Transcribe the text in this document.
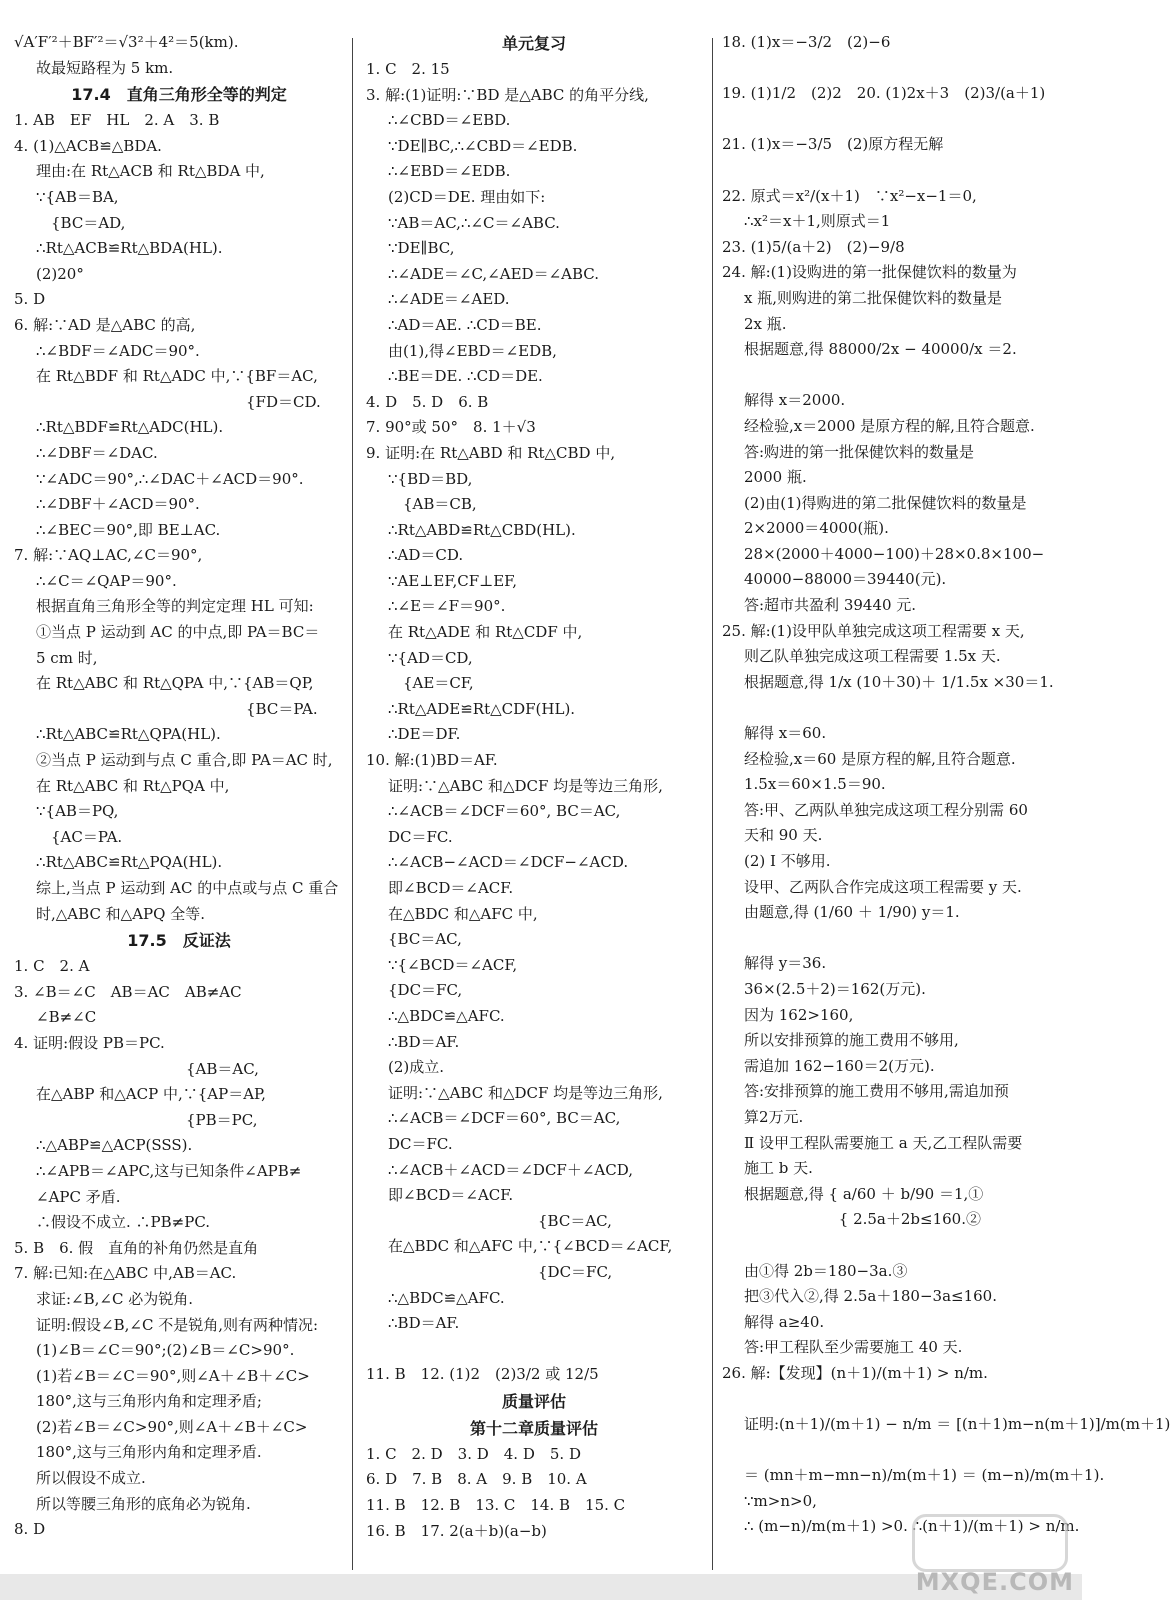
√A′F′²＋BF′²＝√3²＋4²＝5(km).
故最短路程为 5 km.
17.4　直角三角形全等的判定
1. AB　EF　HL　2. A　3. B
4. (1)△ACB≌△BDA.
理由:在 Rt△ACB 和 Rt△BDA 中,
∵{AB＝BA,
　{BC＝AD,
∴Rt△ACB≌Rt△BDA(HL).
(2)20°
5. D
6. 解:∵AD 是△ABC 的高,
∴∠BDF＝∠ADC＝90°.
在 Rt△BDF 和 Rt△ADC 中,∵{BF＝AC,
　　　　　　　　　　　　　　{FD＝CD.
∴Rt△BDF≌Rt△ADC(HL).
∴∠DBF＝∠DAC.
∵∠ADC＝90°,∴∠DAC＋∠ACD＝90°.
∴∠DBF＋∠ACD＝90°.
∴∠BEC＝90°,即 BE⊥AC.
7. 解:∵AQ⊥AC,∠C＝90°,
∴∠C＝∠QAP＝90°.
根据直角三角形全等的判定定理 HL 可知:
①当点 P 运动到 AC 的中点,即 PA＝BC＝
5 cm 时,
在 Rt△ABC 和 Rt△QPA 中,∵{AB＝QP,
　　　　　　　　　　　　　　{BC＝PA.
∴Rt△ABC≌Rt△QPA(HL).
②当点 P 运动到与点 C 重合,即 PA＝AC 时,
在 Rt△ABC 和 Rt△PQA 中,
∵{AB＝PQ,
　{AC＝PA.
∴Rt△ABC≌Rt△PQA(HL).
综上,当点 P 运动到 AC 的中点或与点 C 重合
时,△ABC 和△APQ 全等.
17.5　反证法
1. C　2. A
3. ∠B＝∠C　AB＝AC　AB≠AC
∠B≠∠C
4. 证明:假设 PB＝PC.
　　　　　　　　　　{AB＝AC,
在△ABP 和△ACP 中,∵{AP＝AP,
　　　　　　　　　　{PB＝PC,
∴△ABP≌△ACP(SSS).
∴∠APB＝∠APC,这与已知条件∠APB≠
∠APC 矛盾.
∴假设不成立. ∴PB≠PC.
5. B　6. 假　直角的补角仍然是直角
7. 解:已知:在△ABC 中,AB＝AC.
求证:∠B,∠C 必为锐角.
证明:假设∠B,∠C 不是锐角,则有两种情况:
(1)∠B＝∠C＝90°;(2)∠B＝∠C>90°.
(1)若∠B＝∠C＝90°,则∠A＋∠B＋∠C>
180°,这与三角形内角和定理矛盾;
(2)若∠B＝∠C>90°,则∠A＋∠B＋∠C>
180°,这与三角形内角和定理矛盾.
所以假设不成立.
所以等腰三角形的底角必为锐角.
8. D
单元复习
1. C　2. 15
3. 解:(1)证明:∵BD 是△ABC 的角平分线,
∴∠CBD＝∠EBD.
∵DE∥BC,∴∠CBD＝∠EDB.
∴∠EBD＝∠EDB.
(2)CD＝DE. 理由如下:
∵AB＝AC,∴∠C＝∠ABC.
∵DE∥BC,
∴∠ADE＝∠C,∠AED＝∠ABC.
∴∠ADE＝∠AED.
∴AD＝AE. ∴CD＝BE.
由(1),得∠EBD＝∠EDB,
∴BE＝DE. ∴CD＝DE.
4. D　5. D　6. B
7. 90°或 50°　8. 1＋√3
9. 证明:在 Rt△ABD 和 Rt△CBD 中,
∵{BD＝BD,
　{AB＝CB,
∴Rt△ABD≌Rt△CBD(HL).
∴AD＝CD.
∵AE⊥EF,CF⊥EF,
∴∠E＝∠F＝90°.
在 Rt△ADE 和 Rt△CDF 中,
∵{AD＝CD,
　{AE＝CF,
∴Rt△ADE≌Rt△CDF(HL).
∴DE＝DF.
10. 解:(1)BD＝AF.
证明:∵△ABC 和△DCF 均是等边三角形,
∴∠ACB＝∠DCF＝60°, BC＝AC,
DC＝FC.
∴∠ACB−∠ACD＝∠DCF−∠ACD.
即∠BCD＝∠ACF.
在△BDC 和△AFC 中,
{BC＝AC,
∵{∠BCD＝∠ACF,
{DC＝FC,
∴△BDC≌△AFC.
∴BD＝AF.
(2)成立.
证明:∵△ABC 和△DCF 均是等边三角形,
∴∠ACB＝∠DCF＝60°, BC＝AC,
DC＝FC.
∴∠ACB＋∠ACD＝∠DCF＋∠ACD,
即∠BCD＝∠ACF.
　　　　　　　　　　{BC＝AC,
在△BDC 和△AFC 中,∵{∠BCD＝∠ACF,
　　　　　　　　　　{DC＝FC,
∴△BDC≌△AFC.
∴BD＝AF.
11. B　12. (1)2　(2)3/2 或 12/5
质量评估
第十二章质量评估
1. C　2. D　3. D　4. D　5. D
6. D　7. B　8. A　9. B　10. A
11. B　12. B　13. C　14. B　15. C
16. B　17. 2(a＋b)(a−b)
18. (1)x＝−3/2　(2)−6
19. (1)1/2　(2)2　20. (1)2x＋3　(2)3/(a＋1)
21. (1)x＝−3/5　(2)原方程无解
22. 原式＝x²/(x＋1)　∵x²−x−1＝0,
∴x²＝x＋1,则原式＝1
23. (1)5/(a＋2)　(2)−9/8
24. 解:(1)设购进的第一批保健饮料的数量为
x 瓶,则购进的第二批保健饮料的数量是
2x 瓶.
根据题意,得 88000/2x − 40000/x ＝2.
解得 x＝2000.
经检验,x＝2000 是原方程的解,且符合题意.
答:购进的第一批保健饮料的数量是
2000 瓶.
(2)由(1)得购进的第二批保健饮料的数量是
2×2000＝4000(瓶).
28×(2000＋4000−100)＋28×0.8×100−
40000−88000＝39440(元).
答:超市共盈利 39440 元.
25. 解:(1)设甲队单独完成这项工程需要 x 天,
则乙队单独完成这项工程需要 1.5x 天.
根据题意,得 1/x (10＋30)＋ 1/1.5x ×30＝1.
解得 x＝60.
经检验,x＝60 是原方程的解,且符合题意.
1.5x＝60×1.5＝90.
答:甲、乙两队单独完成这项工程分别需 60
天和 90 天.
(2) Ⅰ 不够用.
设甲、乙两队合作完成这项工程需要 y 天.
由题意,得 (1/60 ＋ 1/90) y＝1.
解得 y＝36.
36×(2.5＋2)＝162(万元).
因为 162>160,
所以安排预算的施工费用不够用,
需追加 162−160＝2(万元).
答:安排预算的施工费用不够用,需追加预
算2万元.
Ⅱ 设甲工程队需要施工 a 天,乙工程队需要
施工 b 天.
根据题意,得 { a/60 ＋ b/90 ＝1,①
　　　　　　 { 2.5a＋2b≤160.②
由①得 2b＝180−3a.③
把③代入②,得 2.5a＋180−3a≤160.
解得 a≥40.
答:甲工程队至少需要施工 40 天.
26. 解:【发现】(n＋1)/(m＋1) > n/m.
证明:(n＋1)/(m＋1) − n/m ＝ [(n＋1)m−n(m＋1)]/m(m＋1)
＝ (mn＋m−mn−n)/m(m＋1) ＝ (m−n)/m(m＋1).
∵m>n>0,
∴ (m−n)/m(m＋1) >0. ∴(n＋1)/(m＋1) > n/m.
MXQE.COM
